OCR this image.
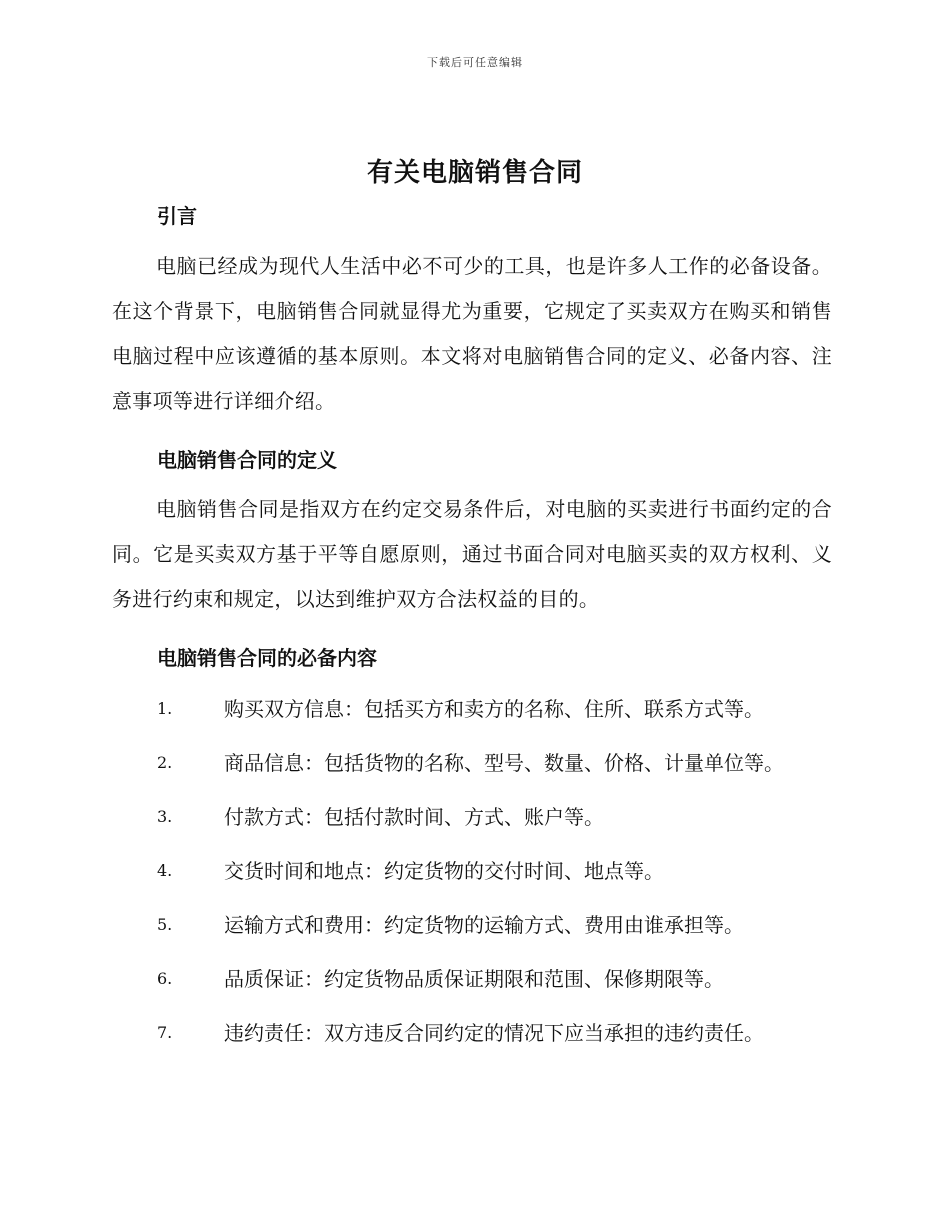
下载后可任意编辑
有关电脑销售合同
引言

电脑已经成为现代人生活中必不可少的工具，也是许多人工作的必备设备。在这个背景下，电脑销售合同就显得尤为重要，它规定了买卖双方在购买和销售电脑过程中应该遵循的基本原则。本文将对电脑销售合同的定义、必备内容、注意事项等进行详细介绍。

电脑销售合同的定义

电脑销售合同是指双方在约定交易条件后，对电脑的买卖进行书面约定的合同。它是买卖双方基于平等自愿原则，通过书面合同对电脑买卖的双方权利、义务进行约束和规定，以达到维护双方合法权益的目的。

电脑销售合同的必备内容
1.	购买双方信息：包括买方和卖方的名称、住所、联系方式等。
2.	商品信息：包括货物的名称、型号、数量、价格、计量单位等。
3.	付款方式：包括付款时间、方式、账户等。
4.	交货时间和地点：约定货物的交付时间、地点等。
5.	运输方式和费用：约定货物的运输方式、费用由谁承担等。
6.	品质保证：约定货物品质保证期限和范围、保修期限等。
7.	违约责任：双方违反合同约定的情况下应当承担的违约责任。
